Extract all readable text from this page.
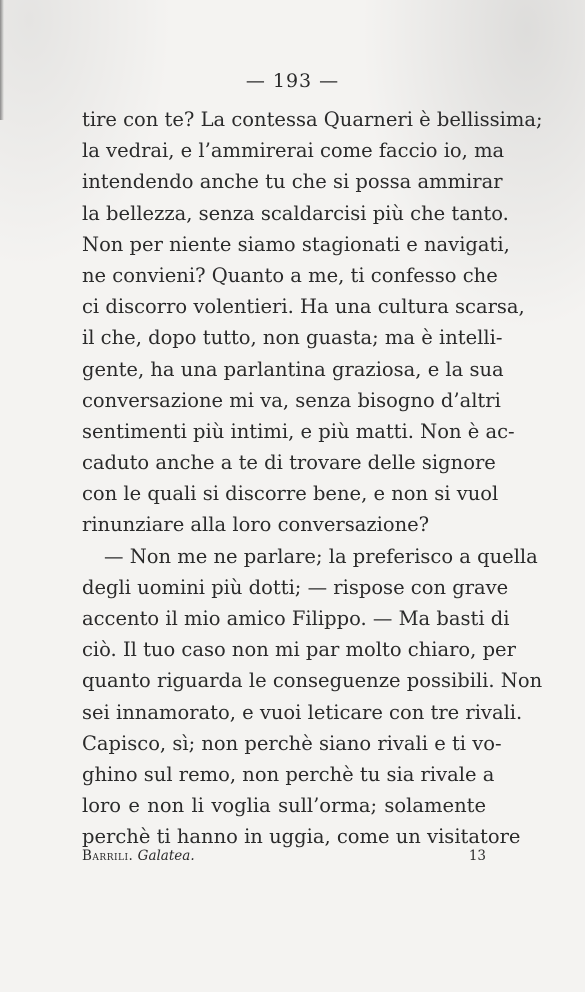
— 193 —
tire con te? La contessa Quarneri è bellissima;
la vedrai, e l’ammirerai come faccio io, ma
intendendo anche tu che si possa ammirar
la bellezza, senza scaldarcisi più che tanto.
Non per niente siamo stagionati e navigati,
ne convieni? Quanto a me, ti confesso che
ci discorro volentieri. Ha una cultura scarsa,
il che, dopo tutto, non guasta; ma è intelli-
gente, ha una parlantina graziosa, e la sua
conversazione mi va, senza bisogno d’altri
sentimenti più intimi, e più matti. Non è ac-
caduto anche a te di trovare delle signore
con le quali si discorre bene, e non si vuol
rinunziare alla loro conversazione?
— Non me ne parlare; la preferisco a quella
degli uomini più dotti; — rispose con grave
accento il mio amico Filippo. — Ma basti di
ciò. Il tuo caso non mi par molto chiaro, per
quanto riguarda le conseguenze possibili. Non
sei innamorato, e vuoi leticare con tre rivali.
Capisco, sì; non perchè siano rivali e ti vo-
ghino sul remo, non perchè tu sia rivale a
loro e non li voglia sull’orma; solamente
perchè ti hanno in uggia, come un visitatore
Barrili. Galatea.	13
